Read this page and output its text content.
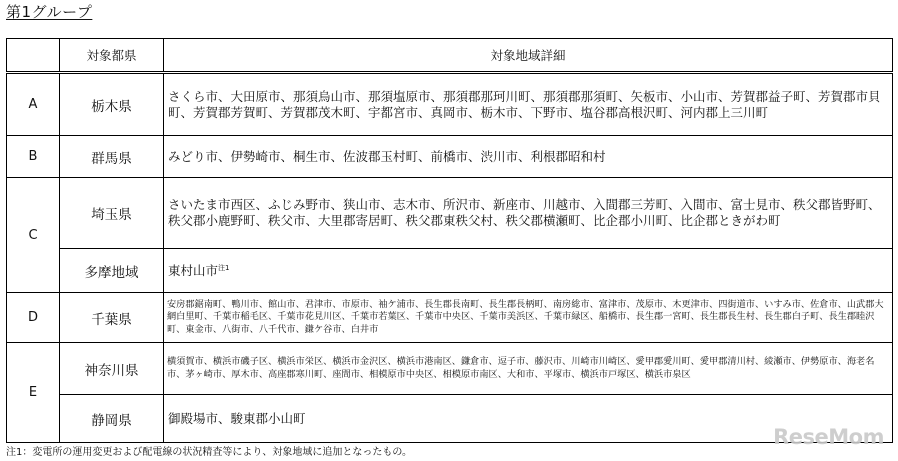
第1グループ
	対象都県	対象地域詳細
A	栃木県	さくら市、大田原市、那須烏山市、那須塩原市、那須郡那珂川町、那須郡那須町、矢板市、小山市、芳賀郡益子町、芳賀郡市貝町、芳賀郡芳賀町、芳賀郡茂木町、宇都宮市、真岡市、栃木市、下野市、塩谷郡高根沢町、河内郡上三川町
B	群馬県	みどり市、伊勢崎市、桐生市、佐波郡玉村町、前橋市、渋川市、利根郡昭和村
C	埼玉県	さいたま市西区、ふじみ野市、狭山市、志木市、所沢市、新座市、川越市、入間郡三芳町、入間市、富士見市、秩父郡皆野町、秩父郡小鹿野町、秩父市、大里郡寄居町、秩父郡東秩父村、秩父郡横瀬町、比企郡小川町、比企郡ときがわ町
	多摩地域	東村山市$^{注1}$
D	千葉県	安房郡鋸南町、鴨川市、館山市、君津市、市原市、袖ケ浦市、長生郡長南町、長生郡長柄町、南房総市、富津市、茂原市、木更津市、四街道市、いすみ市、佐倉市、山武郡大網白里町、千葉市稲毛区、千葉市花見川区、千葉市若葉区、千葉市中央区、千葉市美浜区、千葉市緑区、船橋市、長生郡一宮町、長生郡長生村、長生郡白子町、長生郡睦沢町、東金市、八街市、八千代市、鎌ケ谷市、白井市
E	神奈川県	横須賀市、横浜市磯子区、横浜市栄区、横浜市金沢区、横浜市港南区、鎌倉市、逗子市、藤沢市、川崎市川崎区、愛甲郡愛川町、愛甲郡清川村、綾瀬市、伊勢原市、海老名市、茅ヶ崎市、厚木市、高座郡寒川町、座間市、相模原市中央区、相模原市南区、大和市、平塚市、横浜市戸塚区、横浜市泉区
	静岡県	御殿場市、駿東郡小山町
ReseMom
注1：変電所の運用変更および配電線の状況精査等により、対象地域に追加となったもの。
